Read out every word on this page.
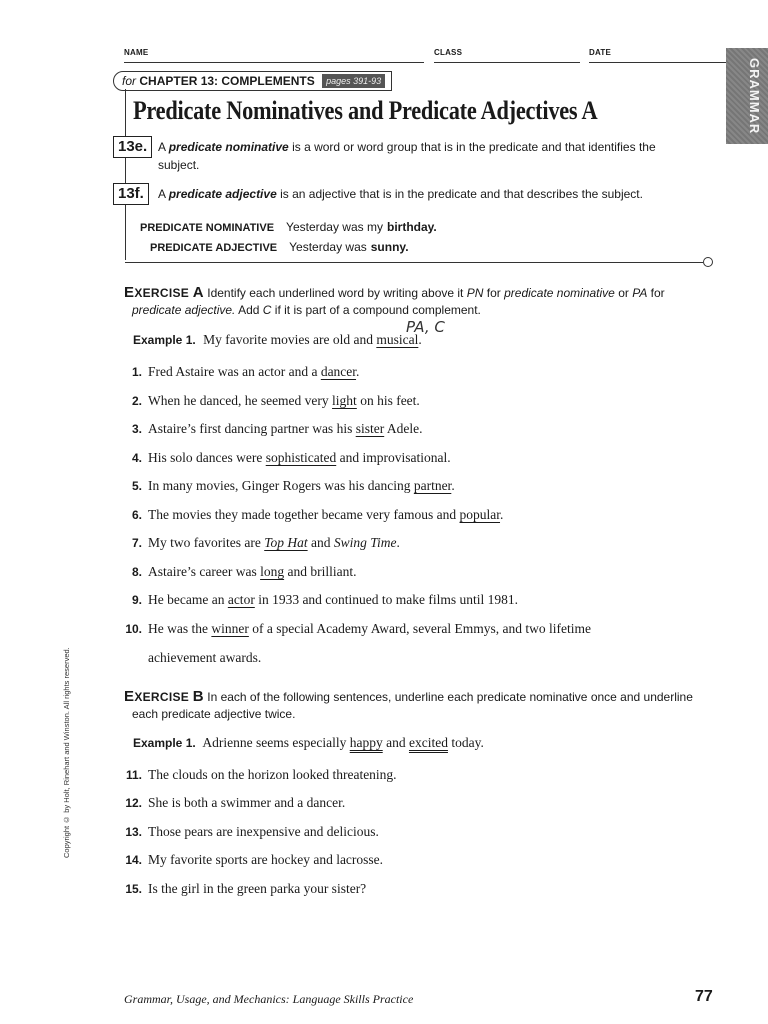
NAME	CLASS	DATE
GRAMMAR
for CHAPTER 13: COMPLEMENTS pages 391-93
Predicate Nominatives and Predicate Adjectives A
13e. A predicate nominative is a word or word group that is in the predicate and that identifies the
subject.
13f.	A predicate adjective is an adjective that is in the predicate and that describes the subject.
PREDICATE NOMINATIVE Yesterday was my birthday.
PREDICATE ADJECTIVE Yesterday was sunny.
EXERCISE A Identify each underlined word by writing above it PN for predicate nominative or PA for
predicate adjective. Add C if it is part of a compound complement.
PA, C
Example 1. My favorite movies are old and musical.
1. Fred Astaire was an actor and a dancer.
2. When he danced, he seemed very light on his feet.
3. Astaire’s first dancing partner was his sister Adele.
4. His solo dances were sophisticated and improvisational.
5. In many movies, Ginger Rogers was his dancing partner.
6. The movies they made together became very famous and popular.
7. My two favorites are Top Hat and Swing Time.
8. Astaire’s career was long and brilliant.
9. He became an actor in 1933 and continued to make films until 1981.
10. He was the winner of a special Academy Award, several Emmys, and two lifetime
achievement awards.
EXERCISE B In each of the following sentences, underline each predicate nominative once and underline
each predicate adjective twice.
Example 1. Adrienne seems especially happy and excited today.
11. The clouds on the horizon looked threatening.
12. She is both a swimmer and a dancer.
13. Those pears are inexpensive and delicious.
14. My favorite sports are hockey and lacrosse.
15. Is the girl in the green parka your sister?
Copyright © by Holt, Rinehart and Winston. All rights reserved.
Grammar, Usage, and Mechanics: Language Skills Practice	77
